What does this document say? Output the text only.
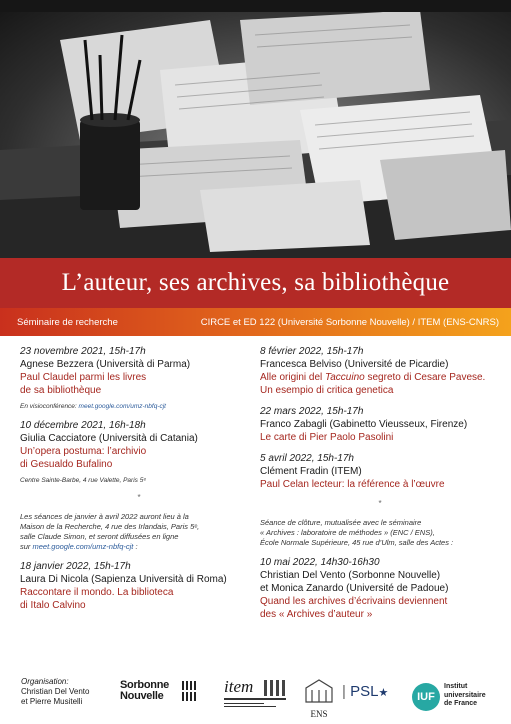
L’auteur, ses archives, sa bibliothèque
Séminaire de recherche	CIRCE et ED 122 (Université Sorbonne Nouvelle) / ITEM (ENS-CNRS)
23 novembre 2021, 15h-17h
Agnese Bezzera (Università di Parma)
Paul Claudel parmi les livres
de sa bibliothèque
En visioconférence: meet.google.com/umz-nbfq-cjt
10 décembre 2021, 16h-18h
Giulia Cacciatore (Università di Catania)
Un’opera postuma: l’archivio
di Gesualdo Bufalino
Centre Sainte-Barbe, 4 rue Valette, Paris 5ᵉ
*
Les séances de janvier à avril 2022 auront lieu à la
Maison de la Recherche, 4 rue des Irlandais, Paris 5ᵉ,
salle Claude Simon, et seront diffusées en ligne
sur meet.google.com/umz-nbfq-cjt :
18 janvier 2022, 15h-17h
Laura Di Nicola (Sapienza Università di Roma)
Raccontare il mondo. La biblioteca
di Italo Calvino
8 février 2022, 15h-17h
Francesca Belviso (Université de Picardie)
Alle origini del Taccuino segreto di Cesare Pavese.
Un esempio di critica genetica
22 mars 2022, 15h-17h
Franco Zabagli (Gabinetto Vieusseux, Firenze)
Le carte di Pier Paolo Pasolini
5 avril 2022, 15h-17h
Clément Fradin (ITEM)
Paul Celan lecteur: la référence à l’œuvre
*
Séance de clôture, mutualisée avec le séminaire
« Archives : laboratoire de méthodes » (ENC / ENS),
École Normale Supérieure, 45 rue d’Ulm, salle des Actes :
10 mai 2022, 14h30-16h30
Christian Del Vento (Sorbonne Nouvelle)
et Monica Zanardo (Université de Padoue)
Quand les archives d’écrivains deviennent
des « Archives d’auteur »
Organisation:
Christian Del Vento
et Pierre Musitelli
Sorbonne
Nouvelle	item
ENS
| PSL★	IUF
Institut
universitaire
de France
